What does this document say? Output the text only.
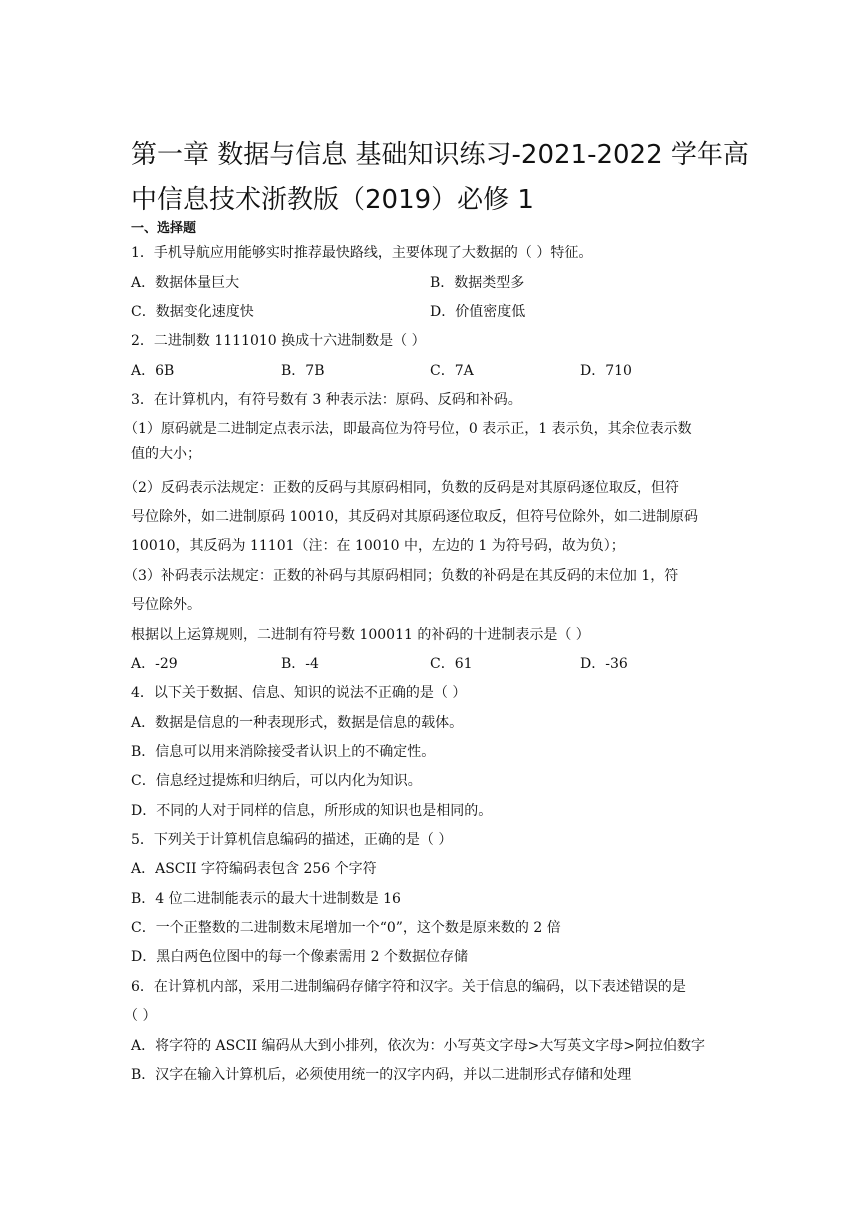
第一章 数据与信息 基础知识练习-2021-2022 学年高
中信息技术浙教版（2019）必修 1
一、选择题
1．手机导航应用能够实时推荐最快路线，主要体现了大数据的（ ）特征。
A．数据体量巨大	B．数据类型多
C．数据变化速度快	D．价值密度低
2．二进制数 1111010 换成十六进制数是（ ）
A．6B	B．7B	C．7A	D．710
3．在计算机内，有符号数有 3 种表示法：原码、反码和补码。
（1）原码就是二进制定点表示法，即最高位为符号位，0 表示正，1 表示负，其余位表示数
值的大小；
（2）反码表示法规定：正数的反码与其原码相同，负数的反码是对其原码逐位取反，但符
号位除外，如二进制原码 10010，其反码对其原码逐位取反，但符号位除外，如二进制原码
10010，其反码为 11101（注：在 10010 中，左边的 1 为符号码，故为负）；
（3）补码表示法规定：正数的补码与其原码相同；负数的补码是在其反码的末位加 1，符
号位除外。
根据以上运算规则，二进制有符号数 100011 的补码的十进制表示是（ ）
A．-29	B．-4	C．61	D．-36
4．以下关于数据、信息、知识的说法不正确的是（ ）
A．数据是信息的一种表现形式，数据是信息的载体。
B．信息可以用来消除接受者认识上的不确定性。
C．信息经过提炼和归纳后，可以内化为知识。
D．不同的人对于同样的信息，所形成的知识也是相同的。
5．下列关于计算机信息编码的描述，正确的是（ ）
A．ASCII 字符编码表包含 256 个字符
B．4 位二进制能表示的最大十进制数是 16
C．一个正整数的二进制数末尾增加一个“0”，这个数是原来数的 2 倍
D．黑白两色位图中的每一个像素需用 2 个数据位存储
6．在计算机内部，采用二进制编码存储字符和汉字。关于信息的编码，以下表述错误的是
（ ）
A．将字符的 ASCII 编码从大到小排列，依次为：小写英文字母>大写英文字母>阿拉伯数字
B．汉字在输入计算机后，必须使用统一的汉字内码，并以二进制形式存储和处理
